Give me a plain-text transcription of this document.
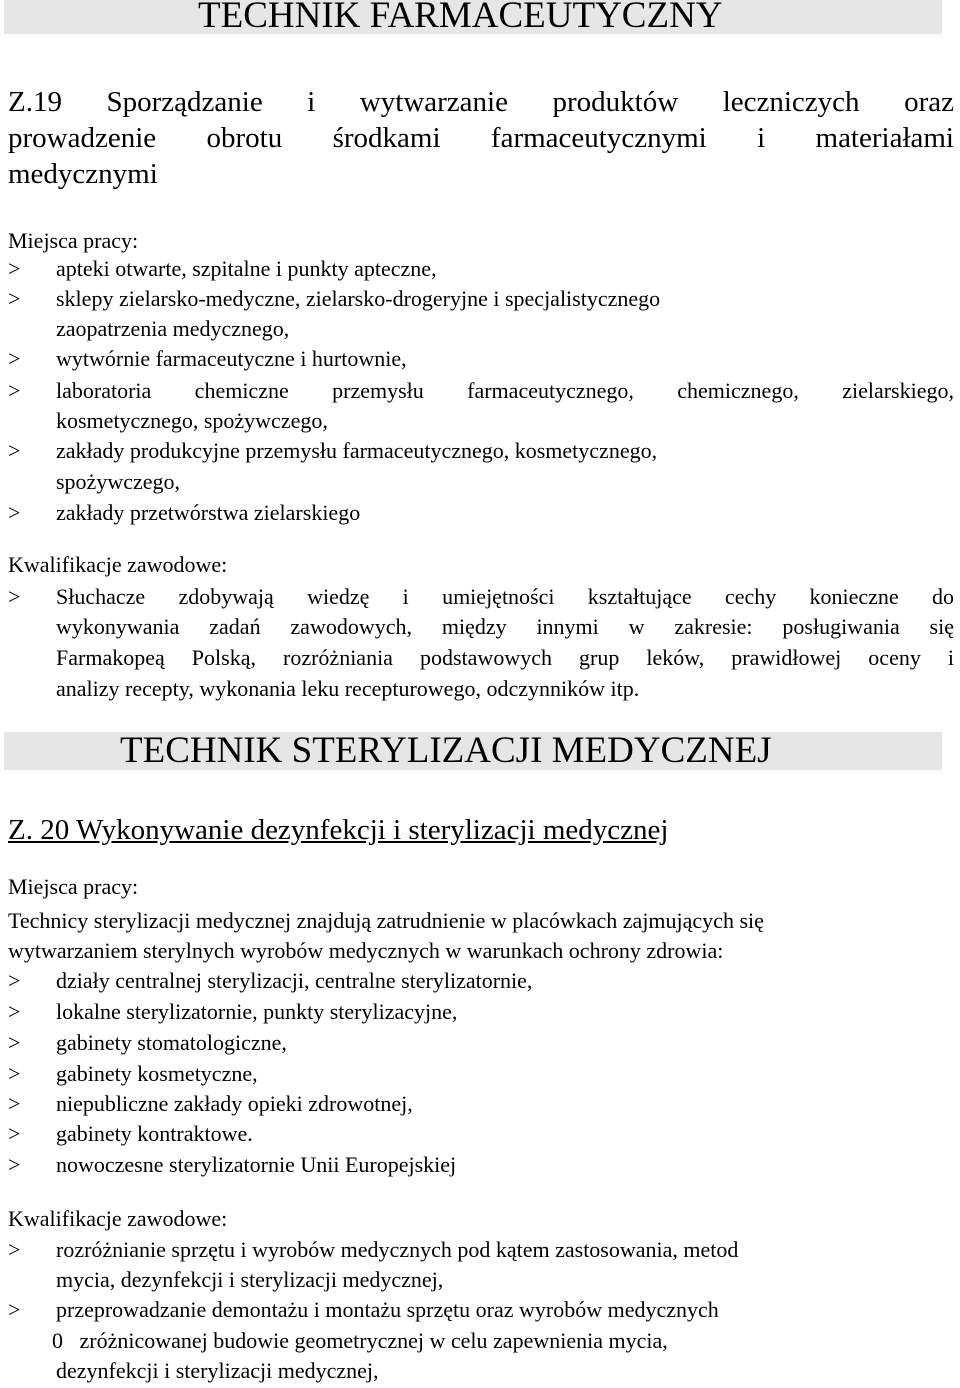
TECHNIK FARMACEUTYCZNY
Z.19 Sporządzanie i wytwarzanie produktów leczniczych oraz
prowadzenie obrotu środkami farmaceutycznymi i materiałami
medycznymi
Miejsca pracy:
> apteki otwarte, szpitalne i punkty apteczne,
> sklepy zielarsko-medyczne, zielarsko-drogeryjne i specjalistycznego
zaopatrzenia medycznego,
> wytwórnie farmaceutyczne i hurtownie,
> laboratoria chemiczne przemysłu farmaceutycznego, chemicznego, zielarskiego,
kosmetycznego, spożywczego,
> zakłady produkcyjne przemysłu farmaceutycznego, kosmetycznego,
spożywczego,
> zakłady przetwórstwa zielarskiego
Kwalifikacje zawodowe:
> Słuchacze zdobywają wiedzę i umiejętności kształtujące cechy konieczne do
wykonywania zadań zawodowych, między innymi w zakresie: posługiwania się
Farmakopeą Polską, rozróżniania podstawowych grup leków, prawidłowej oceny i
analizy recepty, wykonania leku recepturowego, odczynników itp.
TECHNIK STERYLIZACJI MEDYCZNEJ
Z. 20 Wykonywanie dezynfekcji i sterylizacji medycznej
Miejsca pracy:
Technicy sterylizacji medycznej znajdują zatrudnienie w placówkach zajmujących się
wytwarzaniem sterylnych wyrobów medycznych w warunkach ochrony zdrowia:
> działy centralnej sterylizacji, centralne sterylizatornie,
> lokalne sterylizatornie, punkty sterylizacyjne,
> gabinety stomatologiczne,
> gabinety kosmetyczne,
> niepubliczne zakłady opieki zdrowotnej,
> gabinety kontraktowe.
> nowoczesne sterylizatornie Unii Europejskiej
Kwalifikacje zawodowe:
> rozróżnianie sprzętu i wyrobów medycznych pod kątem zastosowania, metod
mycia, dezynfekcji i sterylizacji medycznej,
> przeprowadzanie demontażu i montażu sprzętu oraz wyrobów medycznych
0   zróżnicowanej budowie geometrycznej w celu zapewnienia mycia,
dezynfekcji i sterylizacji medycznej,
